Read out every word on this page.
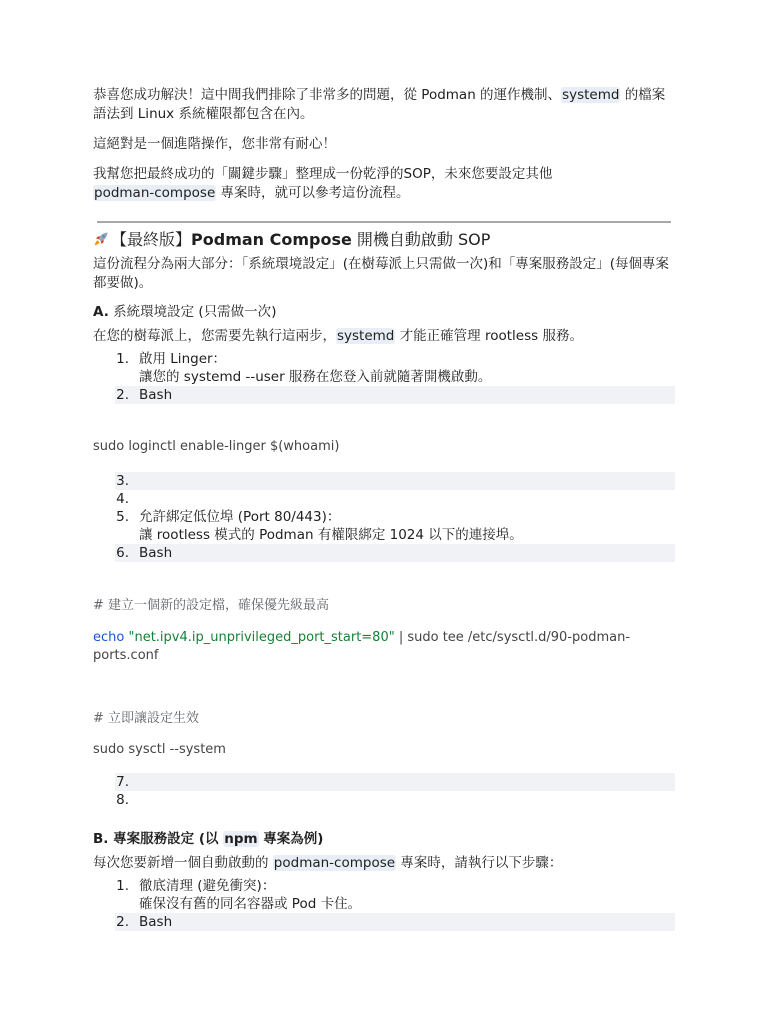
恭喜您成功解決！這中間我們排除了非常多的問題，從 Podman 的運作機制、systemd 的檔案語法到 Linux 系統權限都包含在內。

這絕對是一個進階操作，您非常有耐心！

我幫您把最終成功的「關鍵步驟」整理成一份乾淨的SOP，未來您要設定其他
podman-compose 專案時，就可以參考這份流程。

【最終版】Podman Compose 開機自動啟動 SOP

這份流程分為兩大部分：「系統環境設定」(在樹莓派上只需做一次)和「專案服務設定」(每個專案都要做)。

A. 系統環境設定 (只需做一次)

在您的樹莓派上，您需要先執行這兩步，systemd 才能正確管理 rootless 服務。

1. 啟用 Linger：
讓您的 systemd --user 服務在您登入前就隨著開機啟動。
2. Bash
sudo loginctl enable-linger $(whoami)
3.
4.
5. 允許綁定低位埠 (Port 80/443)：
讓 rootless 模式的 Podman 有權限綁定 1024 以下的連接埠。
6. Bash
# 建立一個新的設定檔，確保優先級最高
echo "net.ipv4.ip_unprivileged_port_start=80" | sudo tee /etc/sysctl.d/90-podman-ports.conf
# 立即讓設定生效
sudo sysctl --system
7.
8.
B. 專案服務設定 (以 npm 專案為例)

每次您要新增一個自動啟動的 podman-compose 專案時，請執行以下步驟：

1. 徹底清理 (避免衝突)：
確保沒有舊的同名容器或 Pod 卡住。
2. Bash
